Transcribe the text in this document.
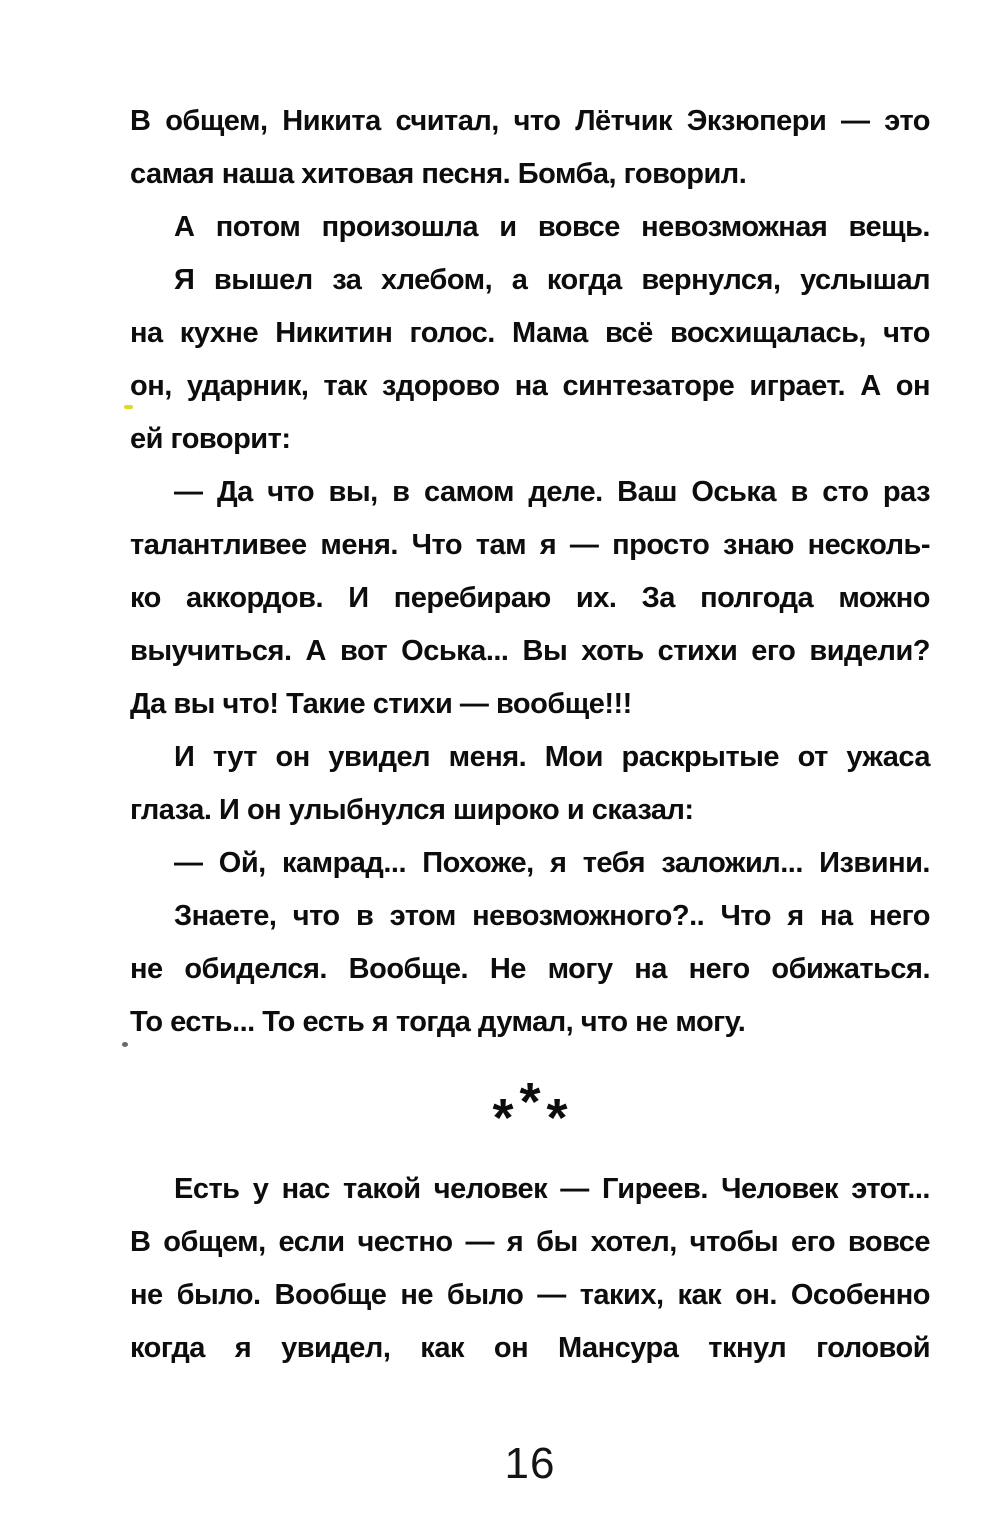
В общем, Никита считал, что Лётчик Экзюпери — это
самая наша хитовая песня. Бомба, говорил.
А потом произошла и вовсе невозможная вещь.
Я вышел за хлебом, а когда вернулся, услышал
на кухне Никитин голос. Мама всё восхищалась, что
он, ударник, так здорово на синтезаторе играет. А он
ей говорит:
— Да что вы, в самом деле. Ваш Оська в сто раз
талантливее меня. Что там я — просто знаю несколь-
ко аккордов. И перебираю их. За полгода можно
выучиться. А вот Оська... Вы хоть стихи его видели?
Да вы что! Такие стихи — вообще!!!
И тут он увидел меня. Мои раскрытые от ужаса
глаза. И он улыбнулся широко и сказал:
— Ой, камрад... Похоже, я тебя заложил... Извини.
Знаете, что в этом невозможного?.. Что я на него
не обиделся. Вообще. Не могу на него обижаться.
То есть... То есть я тогда думал, что не могу.
* * *
Есть у нас такой человек — Гиреев. Человек этот...
В общем, если честно — я бы хотел, чтобы его вовсе
не было. Вообще не было — таких, как он. Особенно
когда я увидел, как он Мансура ткнул головой
16
